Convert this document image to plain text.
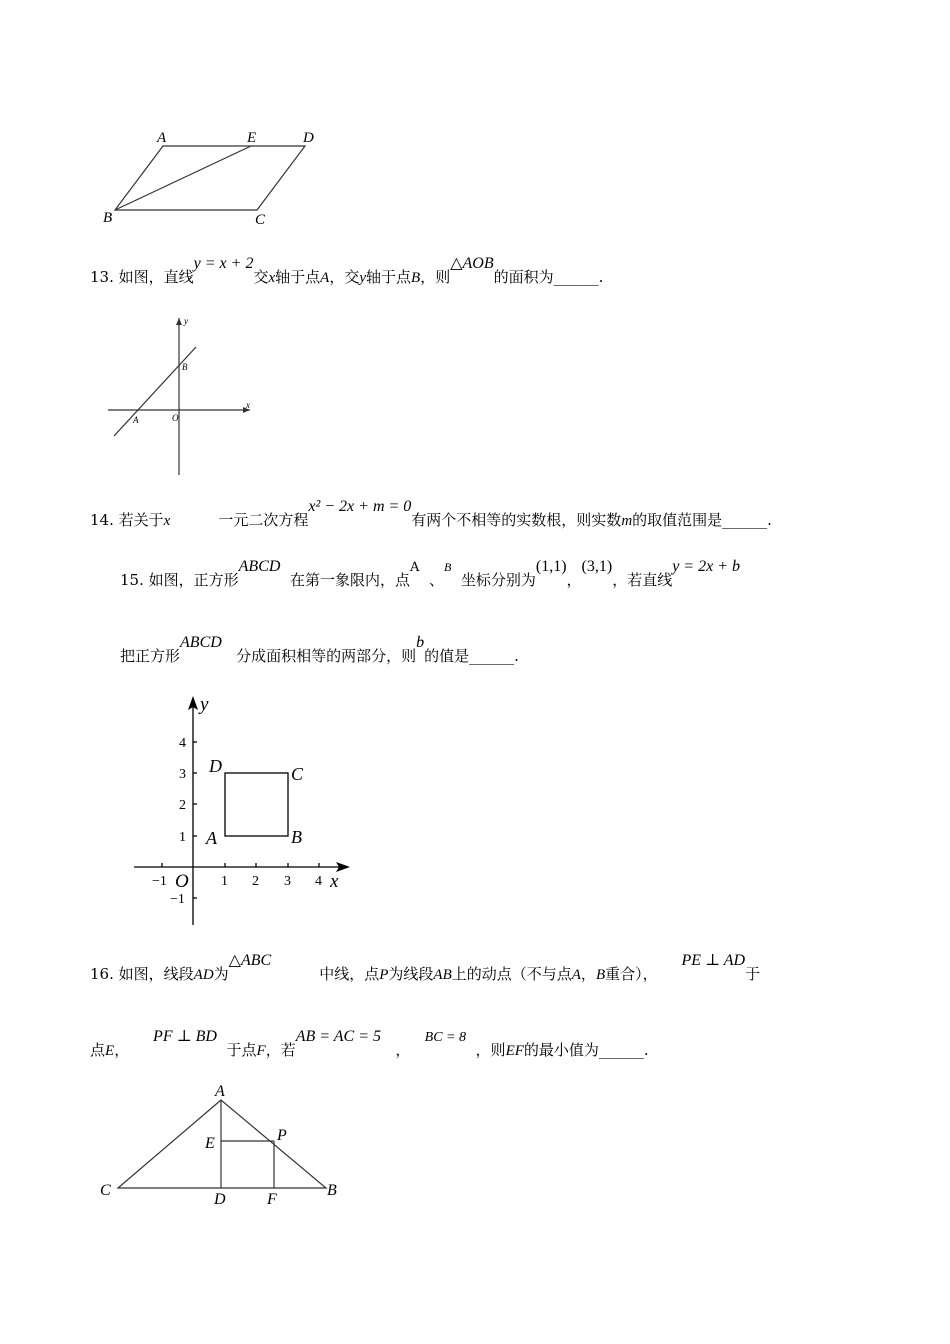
A	E	D
B	C
13. 如图，直线y = x + 2交x轴于点A，交y轴于点B，则△AOB的面积为______.
y
x
B
A	O
14. 若关于x	一元二次方程x² − 2x + m = 0有两个不相等的实数根，则实数m的取值范围是______.
15. 如图，正方形ABCD  在第一象限内，点A  、$^B$  坐标分别为(1,1)，(3,1)，若直线y = 2x + b
把正方形ABCD   分成面积相等的两部分，则b的值是______.
y
x
O
D	C
A	B
4
3
2
1
−1
−1	1 2 3 4
16. 如图，线段AD为△ABC中线，点P为线段AB上的动点（不与点A，B重合），     PE ⊥ AD于
点E，     PF ⊥ BD  于点F，若AB = AC = 5   ，   BC = 8  ，则EF的最小值为______.
A
E	P
C
D	F
B
